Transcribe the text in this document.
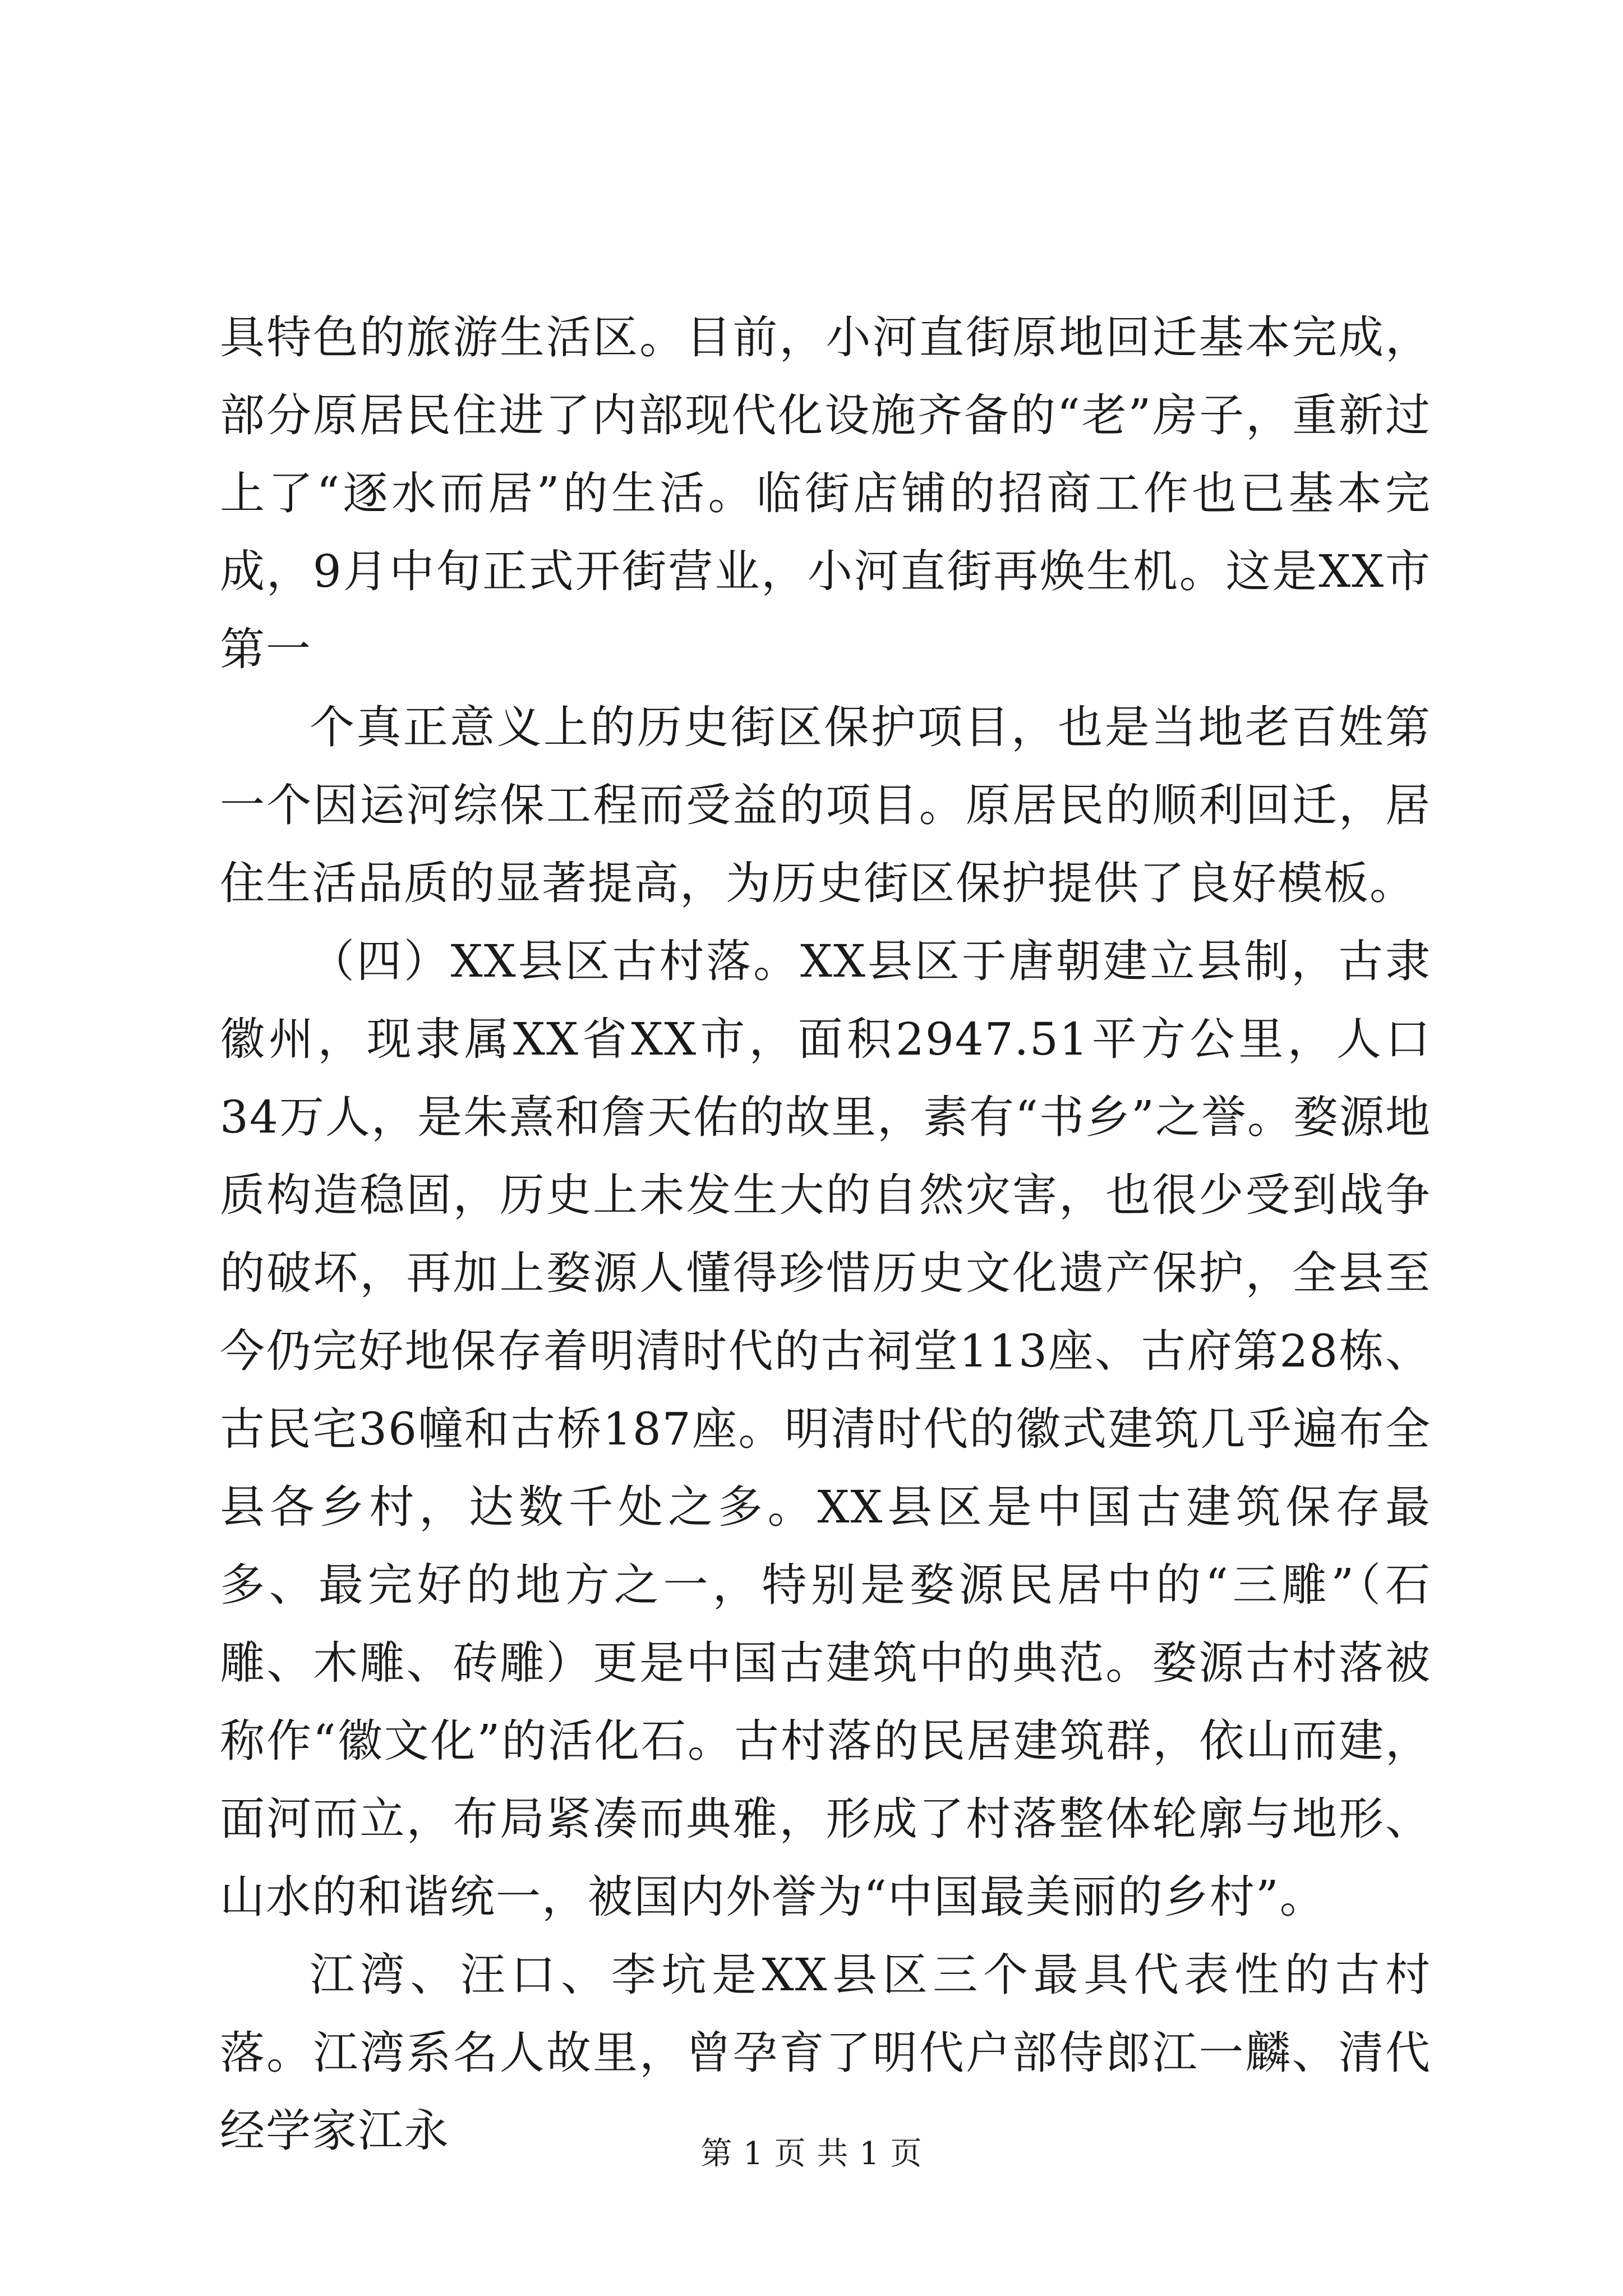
具特色的旅游生活区。目前，小河直街原地回迁基本完成，部分原居民住进了内部现代化设施齐备的“老”房子，重新过上了“逐水而居”的生活。临街店铺的招商工作也已基本完成，9月中旬正式开街营业，小河直街再焕生机。这是XX市第一

个真正意义上的历史街区保护项目，也是当地老百姓第一个因运河综保工程而受益的项目。原居民的顺利回迁，居住生活品质的显著提高，为历史街区保护提供了良好模板。

（四）XX县区古村落。XX县区于唐朝建立县制，古隶徽州，现隶属XX省XX市，面积2947.51平方公里，人口34万人，是朱熹和詹天佑的故里，素有“书乡”之誉。婺源地质构造稳固，历史上未发生大的自然灾害，也很少受到战争的破坏，再加上婺源人懂得珍惜历史文化遗产保护，全县至今仍完好地保存着明清时代的古祠堂113座、古府第28栋、古民宅36幢和古桥187座。明清时代的徽式建筑几乎遍布全县各乡村，达数千处之多。XX县区是中国古建筑保存最多、最完好的地方之一，特别是婺源民居中的“三雕”（石雕、木雕、砖雕）更是中国古建筑中的典范。婺源古村落被称作“徽文化”的活化石。古村落的民居建筑群，依山而建，面河而立，布局紧凑而典雅，形成了村落整体轮廓与地形、山水的和谐统一，被国内外誉为“中国最美丽的乡村”。

江湾、汪口、李坑是XX县区三个最具代表性的古村落。江湾系名人故里，曾孕育了明代户部侍郎江一麟、清代经学家江永	第 1 页 共 1 页
